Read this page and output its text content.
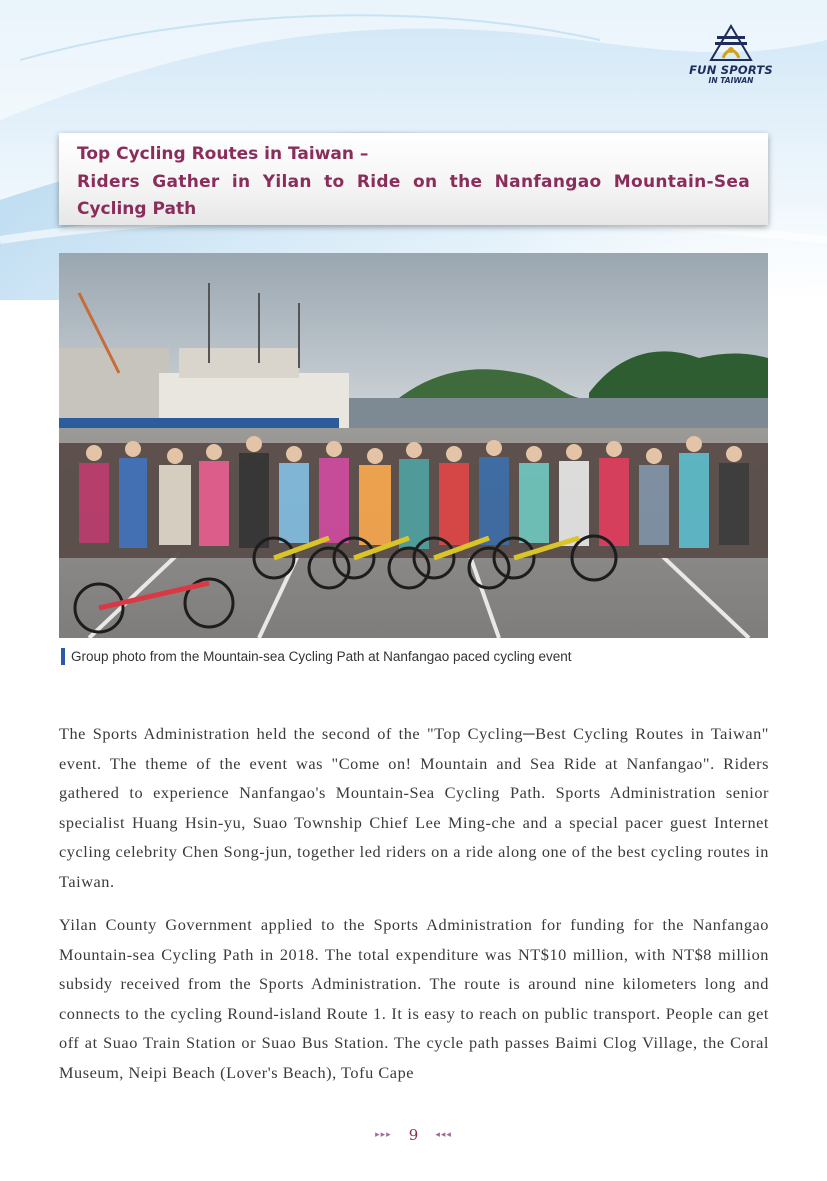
FUN SPORTS
IN TAIWAN
Top Cycling Routes in Taiwan –
Riders Gather in Yilan to Ride on the Nanfangao Mountain-Sea
Cycling Path
Group photo from the Mountain-sea Cycling Path at Nanfangao paced cycling event

The Sports Administration held the second of the "Top Cycling─Best Cycling Routes in Taiwan" event. The theme of the event was "Come on! Mountain and Sea Ride at Nanfangao". Riders gathered to experience Nanfangao's Mountain-Sea Cycling Path. Sports Administration senior specialist Huang Hsin-yu, Suao Township Chief Lee Ming-che and a special pacer guest Internet cycling celebrity Chen Song-jun, together led riders on a ride along one of the best cycling routes in Taiwan.

Yilan County Government applied to the Sports Administration for funding for the Nanfangao Mountain-sea Cycling Path in 2018. The total expenditure was NT$10 million, with NT$8 million subsidy received from the Sports Administration. The route is around nine kilometers long and connects to the cycling Round-island Route 1. It is easy to reach on public transport. People can get off at Suao Train Station or Suao Bus Station. The cycle path passes Baimi Clog Village, the Coral Museum, Neipi Beach (Lover's Beach), Tofu Cape

▸▸▸ 9 ◂◂◂
